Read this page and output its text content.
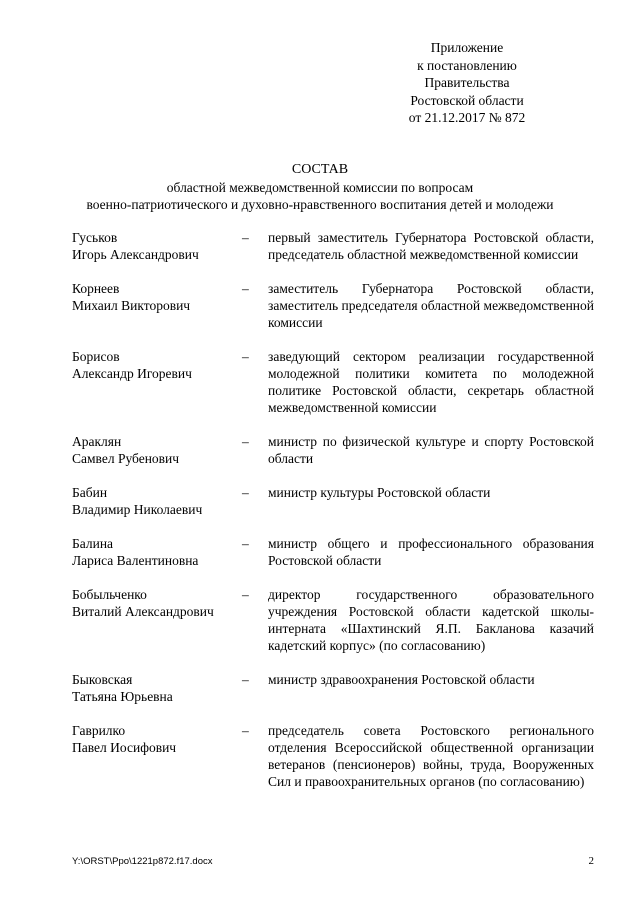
Приложение
к постановлению
Правительства
Ростовской области
от 21.12.2017 № 872
СОСТАВ
областной межведомственной комиссии по вопросам
военно-патриотического и духовно-нравственного воспитания детей и молодежи
Гуськов
Игорь Александрович
–	первый заместитель Губернатора Ростовской области, председатель областной межведомственной комиссии
Корнеев
Михаил Викторович
–	заместитель Губернатора Ростовской области, заместитель председателя областной межведомственной комиссии
Борисов
Александр Игоревич
–	заведующий сектором реализации государственной молодежной политики комитета по молодежной политике Ростовской области, секретарь областной межведомственной комиссии
Араклян
Самвел Рубенович
–	министр по физической культуре и спорту Ростовской области
Бабин
Владимир Николаевич
–	министр культуры Ростовской области
Балина
Лариса Валентиновна
–	министр общего и профессионального образования Ростовской области
Бобыльченко
Виталий Александрович
–	директор государственного образовательного учреждения Ростовской области кадетской школы-интерната «Шахтинский Я.П. Бакланова казачий кадетский корпус» (по согласованию)
Быковская
Татьяна Юрьевна
–	министр здравоохранения Ростовской области
Гаврилко
Павел Иосифович
–	председатель совета Ростовского регионального отделения Всероссийской общественной организации ветеранов (пенсионеров) войны, труда, Вооруженных Сил и правоохранительных органов (по согласованию)
Y:\ORST\Ppo\1221p872.f17.docx	2
